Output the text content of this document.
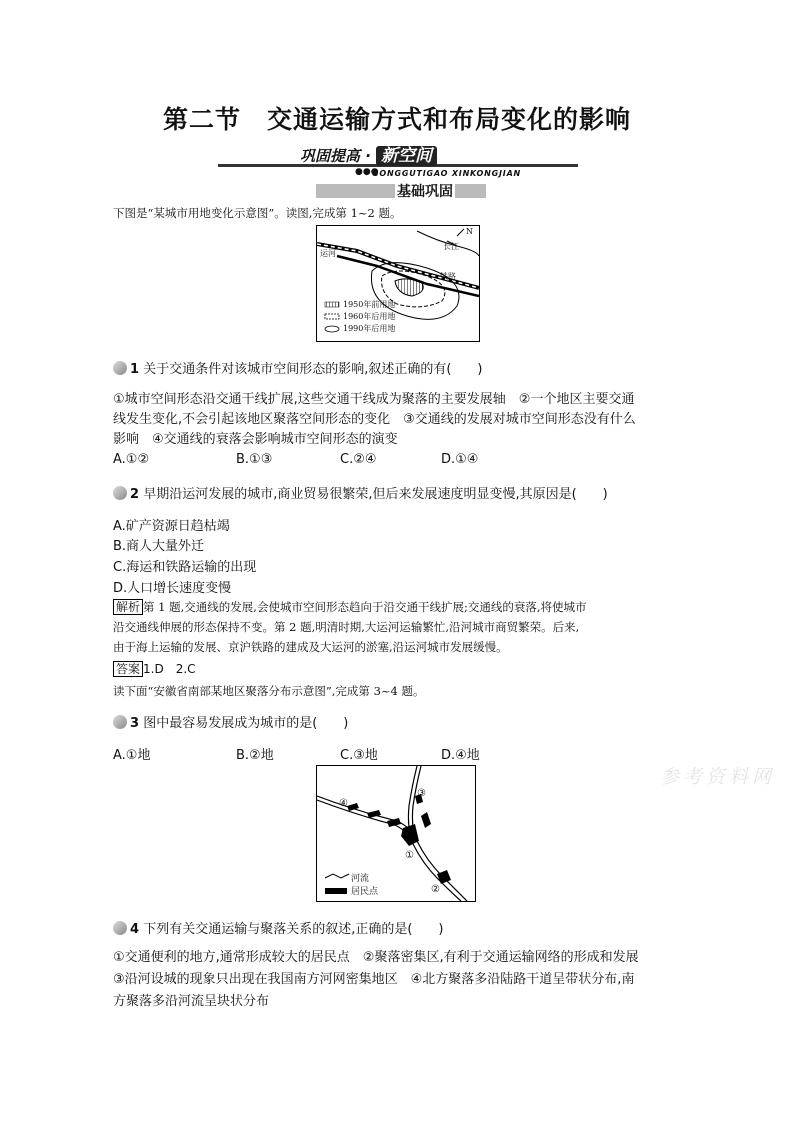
第二节　交通运输方式和布局变化的影响
巩固提高 · 新空间
●●●
GONGGUTIGAO XINKONGJIAN
基础巩固
下图是“某城市用地变化示意图”。读图,完成第 1~2 题。
运河
长江
铁路
N
1950年前用地
1960年后用地
1990年后用地
1 关于交通条件对该城市空间形态的影响,叙述正确的有(　　)
①城市空间形态沿交通干线扩展,这些交通干线成为聚落的主要发展轴　②一个地区主要交通
线发生变化,不会引起该地区聚落空间形态的变化　③交通线的发展对城市空间形态没有什么
影响　④交通线的衰落会影响城市空间形态的演变
A.①②	B.①③	C.②④	D.①④
2 早期沿运河发展的城市,商业贸易很繁荣,但后来发展速度明显变慢,其原因是(　　)
A.矿产资源日趋枯竭
B.商人大量外迁
C.海运和铁路运输的出现
D.人口增长速度变慢
解析 第 1 题,交通线的发展,会使城市空间形态趋向于沿交通干线扩展;交通线的衰落,将使城市
沿交通线伸展的形态保持不变。第 2 题,明清时期,大运河运输繁忙,沿河城市商贸繁荣。后来,
由于海上运输的发展、京沪铁路的建成及大运河的淤塞,沿运河城市发展缓慢。
答案 1.D　2.C
读下面“安徽省南部某地区聚落分布示意图”,完成第 3~4 题。
3 图中最容易发展成为城市的是(　　)
A.①地	B.②地	C.③地	D.④地
④
①
③
②
河流
居民点
4 下列有关交通运输与聚落关系的叙述,正确的是(　　)
①交通便利的地方,通常形成较大的居民点　②聚落密集区,有利于交通运输网络的形成和发展
③沿河设城的现象只出现在我国南方河网密集地区　④北方聚落多沿陆路干道呈带状分布,南
方聚落多沿河流呈块状分布
参考资料网
